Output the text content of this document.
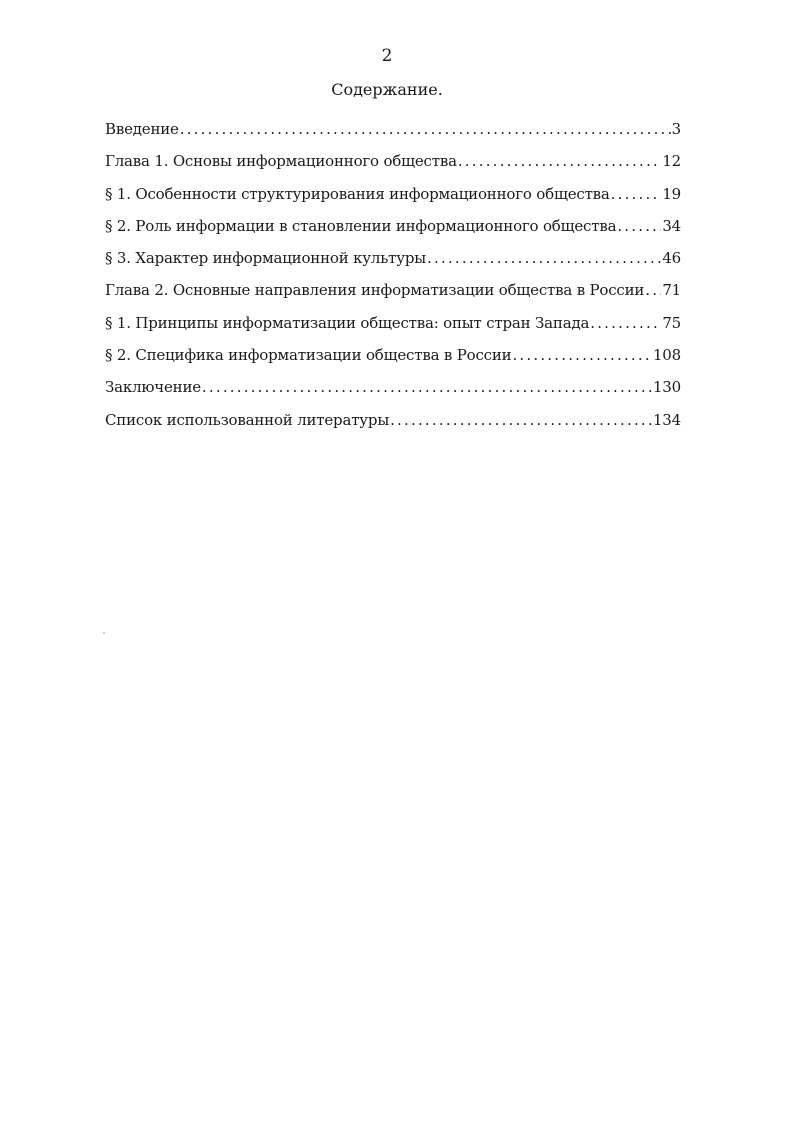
2
Содержание.
Введение .....	3
Глава 1. Основы информационного общества .....	12
§ 1. Особенности структурирования информационного общества .....	19
§ 2. Роль информации в становлении информационного общества .....	34
§ 3. Характер информационной культуры .....	46
Глава 2. Основные направления информатизации общества в России ..... 71
§ 1. Принципы информатизации общества: опыт стран Запада .....	75
§ 2. Специфика информатизации общества в России .....	108
Заключение .....	130
Список использованной литературы .....	134
